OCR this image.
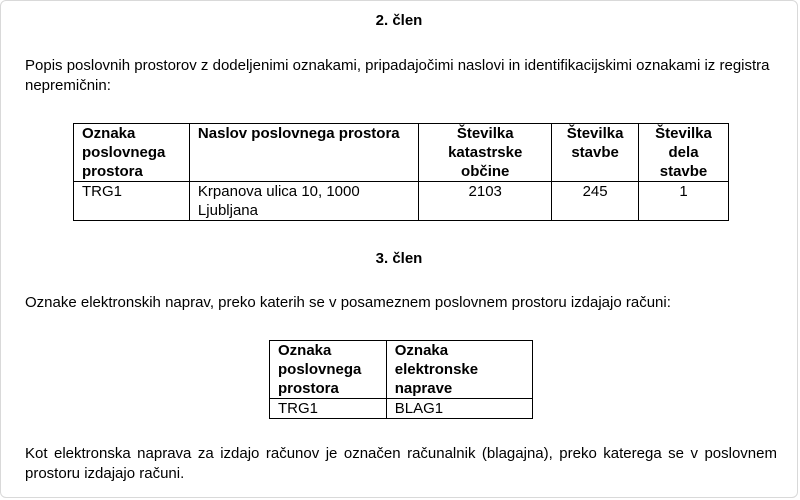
2. člen
Popis poslovnih prostorov z dodeljenimi oznakami, pripadajočimi naslovi in identifikacijskimi oznakami iz registra nepremičnin:
Oznaka poslovnega prostora	Naslov poslovnega prostora	Številka katastrske občine	Številka stavbe	Številka dela stavbe
TRG1	Krpanova ulica 10, 1000 Ljubljana	2103	245	1
3. člen
Oznake elektronskih naprav, preko katerih se v posameznem poslovnem prostoru izdajajo računi:
Oznaka poslovnega prostora	Oznaka elektronske naprave
TRG1	BLAG1
Kot elektronska naprava za izdajo računov je označen računalnik (blagajna), preko katerega se v poslovnem prostoru izdajajo računi.
